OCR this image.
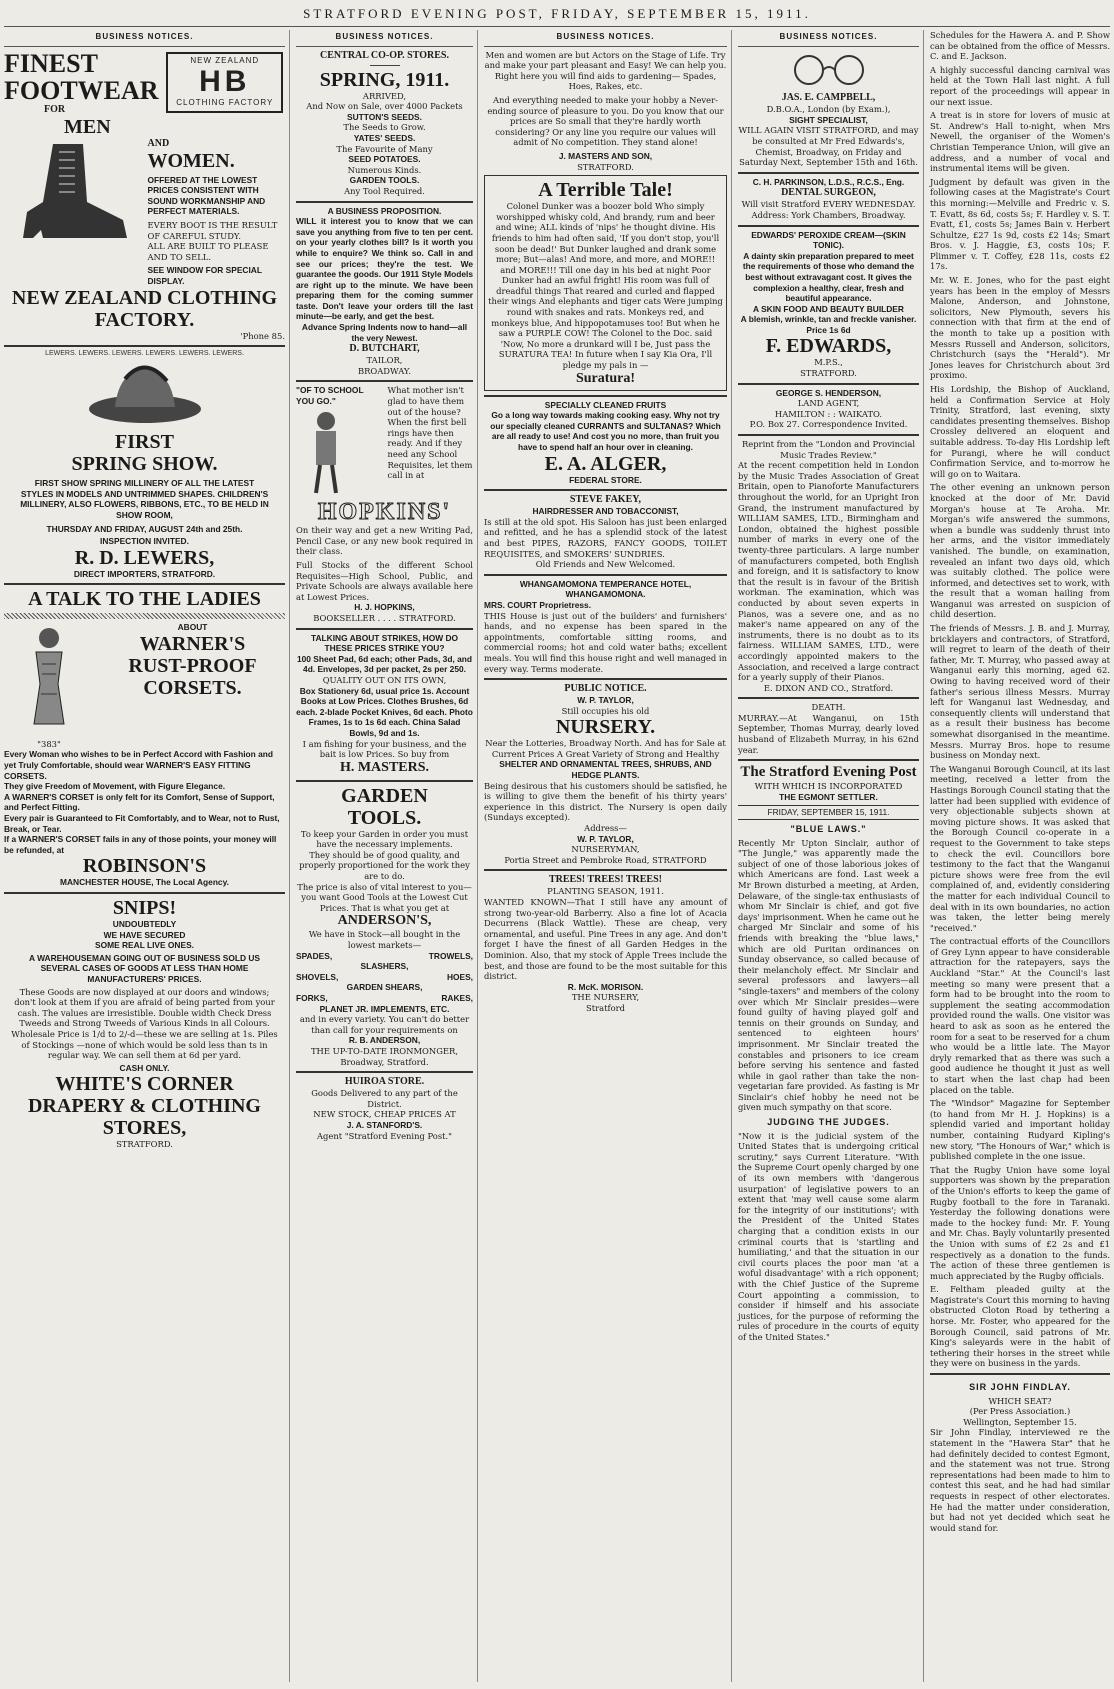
STRATFORD EVENING POST, FRIDAY, SEPTEMBER 15, 1911.
BUSINESS NOTICES.
FINEST
FOOTWEAR
FOR
MEN
NEW ZEALAND
HB
CLOTHING FACTORY
AND
WOMEN.
OFFERED AT THE LOWEST PRICES CONSISTENT WITH SOUND WORKMANSHIP AND PERFECT MATERIALS.
EVERY BOOT IS THE RESULT OF CAREFUL STUDY.
ALL ARE BUILT TO PLEASE AND TO SELL.
SEE WINDOW FOR SPECIAL DISPLAY.
NEW ZEALAND CLOTHING
FACTORY.
'Phone 85.
LEWERS. LEWERS. LEWERS. LEWERS. LEWERS. LEWERS.
FIRST
SPRING SHOW.
FIRST SHOW SPRING MILLINERY OF ALL THE LATEST STYLES IN MODELS AND UNTRIMMED SHAPES. CHILDREN'S MILLINERY, ALSO FLOWERS, RIBBONS, ETC., TO BE HELD IN SHOW ROOM,
THURSDAY AND FRIDAY, AUGUST 24th and 25th.
INSPECTION INVITED.
R. D. LEWERS,
DIRECT IMPORTERS, STRATFORD.
A TALK TO THE LADIES
"383"
ABOUT
WARNER'S
RUST-PROOF
CORSETS.
Every Woman who wishes to be in Perfect Accord with Fashion and yet Truly Comfortable, should wear WARNER'S EASY FITTING CORSETS.
They give Freedom of Movement, with Figure Elegance.
A WARNER'S CORSET is only felt for its Comfort, Sense of Support, and Perfect Fitting.
Every pair is Guaranteed to Fit Comfortably, and to Wear, not to Rust, Break, or Tear.
If a WARNER'S CORSET fails in any of those points, your money will be refunded, at
ROBINSON'S
MANCHESTER HOUSE, The Local Agency.
SNIPS!
UNDOUBTEDLY
WE HAVE SECURED
SOME REAL LIVE ONES.
A WAREHOUSEMAN GOING OUT OF BUSINESS SOLD US SEVERAL CASES OF GOODS AT LESS THAN HOME MANUFACTURERS' PRICES.
These Goods are now displayed at our doors and windows; don't look at them if you are afraid of being parted from your cash. The values are irresistible. Double width Check Dress Tweeds and Strong Tweeds of Various Kinds in all Colours. Wholesale Price is 1/d to 2/-d—these we are selling at 1s. Piles of Stockings —none of which would be sold less than ts in regular way. We can sell them at 6d per yard.
CASH ONLY.
WHITE'S CORNER
DRAPERY & CLOTHING
STORES,
STRATFORD.
BUSINESS NOTICES.
CENTRAL CO-OP. STORES.
SPRING, 1911.
ARRIVED,
And Now on Sale, over 4000 Packets
SUTTON'S SEEDS.
The Seeds to Grow.
YATES' SEEDS.
The Favourite of Many
SEED POTATOES.
Numerous Kinds.
GARDEN TOOLS.
Any Tool Required.
A BUSINESS PROPOSITION.
WILL it interest you to know that we can save you anything from five to ten per cent. on your yearly clothes bill? Is it worth you while to enquire? We think so. Call in and see our prices; they're the test. We guarantee the goods. Our 1911 Style Models are right up to the minute. We have been preparing them for the coming summer taste. Don't leave your orders till the last minute—be early, and get the best.
Advance Spring Indents now to hand—all the very Newest.
D. BUTCHART,
TAILOR,
BROADWAY.
"OF TO SCHOOL YOU GO."
What mother isn't glad to have them out of the house? When the first bell rings have then ready. And if they need any School Requisites, let them call in at
HOPKINS'
On their way and get a new Writing Pad, Pencil Case, or any new book required in their class.
Full Stocks of the different School Requisites—High School, Public, and Private Schools are always available here at Lowest Prices.
H. J. HOPKINS,
BOOKSELLER . . . . STRATFORD.
TALKING ABOUT STRIKES, HOW DO THESE PRICES STRIKE YOU?
100 Sheet Pad, 6d each; other Pads, 3d, and 4d. Envelopes, 3d per packet, 2s per 250.
QUALITY OUT ON ITS OWN,
Box Stationery 6d, usual price 1s. Account Books at Low Prices. Clothes Brushes, 6d each. 2-blade Pocket Knives, 6d each. Photo Frames, 1s to 1s 6d each. China Salad Bowls, 9d and 1s.
I am fishing for your business, and the bait is low Prices. So buy from
H. MASTERS.
GARDEN
TOOLS.
To keep your Garden in order you must have the necessary implements.
They should be of good quality, and properly proportioned for the work they are to do.
The price is also of vital interest to you—you want Good Tools at the Lowest Cut Prices. That is what you get at
ANDERSON'S,
We have in Stock—all bought in the lowest markets—
SPADES,	TROWELS,
SLASHERS,
SHOVELS,	HOES,
GARDEN SHEARS,
FORKS,	RAKES,
PLANET JR. IMPLEMENTS, ETC.
and in every variety. You can't do better than call for your requirements on
R. B. ANDERSON,
THE UP-TO-DATE IRONMONGER,
Broadway, Stratford.
HUIROA STORE.
Goods Delivered to any part of the District.
NEW STOCK, CHEAP PRICES AT
J. A. STANFORD'S.
Agent "Stratford Evening Post."
BUSINESS NOTICES.
Men and women are but Actors on the Stage of Life. Try and make your part pleasant and Easy! We can help you. Right here you will find aids to gardening— Spades, Hoes, Rakes, etc.
And everything needed to make your hobby a Never-ending source of pleasure to you. Do you know that our prices are So small that they're hardly worth considering? Or any line you require our values will admit of No competition. They stand alone!
J. MASTERS AND SON,
STRATFORD.
A Terrible Tale!
Colonel Dunker was a boozer bold Who simply worshipped whisky cold, And brandy, rum and beer and wine; ALL kinds of 'nips' he thought divine. His friends to him had often said, 'If you don't stop, you'll soon be dead!' But Dunker laughed and drank some more; But—alas! And more, and more, and MORE!! and MORE!!! Till one day in his bed at night Poor Dunker had an awful fright! His room was full of dreadful things That reared and curled and flapped their wings And elephants and tiger cats Were jumping round with snakes and rats. Monkeys red, and monkeys blue, And hippopotamuses too! But when he saw a PURPLE COW! The Colonel to the Doc. said 'Now, No more a drunkard will I be, Just pass the SURATURA TEA! In future when I say Kia Ora, I'll pledge my pals in —
Suratura!
SPECIALLY CLEANED FRUITS
Go a long way towards making cooking easy. Why not try our specially cleaned CURRANTS and SULTANAS? Which are all ready to use! And cost you no more, than fruit you have to spend half an hour over in cleaning.
E. A. ALGER,
FEDERAL STORE.
STEVE FAKEY,
HAIRDRESSER AND TOBACCONIST,
Is still at the old spot. His Saloon has just been enlarged and refitted, and he has a splendid stock of the latest and best PIPES, RAZORS, FANCY GOODS, TOILET REQUISITES, and SMOKERS' SUNDRIES.
Old Friends and New Welcomed.
WHANGAMOMONA TEMPERANCE HOTEL,
WHANGAMOMONA.
MRS. COURT Proprietress.
THIS House is just out of the builders' and furnishers' hands, and no expense has been spared in the appointments, comfortable sitting rooms, and commercial rooms; hot and cold water baths; excellent meals. You will find this house right and well managed in every way. Terms moderate.
PUBLIC NOTICE.
W. P. TAYLOR,
Still occupies his old
NURSERY.
Near the Lotteries, Broadway North. And has for Sale at Current Prices A Great Variety of Strong and Healthy
SHELTER AND ORNAMENTAL TREES, SHRUBS, AND HEDGE PLANTS.
Being desirous that his customers should be satisfied, he is willing to give them the benefit of his thirty years' experience in this district. The Nursery is open daily (Sundays excepted).
Address—
W. P. TAYLOR,
NURSERYMAN,
Portia Street and Pembroke Road, STRATFORD
TREES! TREES! TREES!
PLANTING SEASON, 1911.
WANTED KNOWN—That I still have any amount of strong two-year-old Barberry. Also a fine lot of Acacia Decurrens (Black Wattle). These are cheap, very ornamental, and useful. Pine Trees in any age. And don't forget I have the finest of all Garden Hedges in the Dominion. Also, that my stock of Apple Trees include the best, and those are found to be the most suitable for this district.
R. McK. MORISON.
THE NURSERY,
Stratford
BUSINESS NOTICES.
JAS. E. CAMPBELL,
D.B.O.A., London (by Exam.),
SIGHT SPECIALIST,
WILL AGAIN VISIT STRATFORD, and may be consulted at Mr Fred Edwards's, Chemist, Broadway, on Friday and Saturday Next, September 15th and 16th.
C. H. PARKINSON, L.D.S., R.C.S., Eng.
DENTAL SURGEON,
Will visit Stratford EVERY WEDNESDAY.
Address: York Chambers, Broadway.
EDWARDS' PEROXIDE CREAM—(SKIN TONIC).
A dainty skin preparation prepared to meet the requirements of those who demand the best without extravagant cost. It gives the complexion a healthy, clear, fresh and beautiful appearance.
A SKIN FOOD AND BEAUTY BUILDER
A blemish, wrinkle, tan and freckle vanisher. Price 1s 6d
F. EDWARDS,
M.P.S.,
STRATFORD.
GEORGE S. HENDERSON,
LAND AGENT,
HAMILTON : : WAIKATO.
P.O. Box 27. Correspondence Invited.
Reprint from the "London and Provincial Music Trades Review."
At the recent competition held in London by the Music Trades Association of Great Britain, open to Pianoforte Manufacturers throughout the world, for an Upright Iron Grand, the instrument manufactured by WILLIAM SAMES, LTD., Birmingham and London, obtained the highest possible number of marks in every one of the twenty-three particulars. A large number of manufacturers competed, both English and foreign, and it is satisfactory to know that the result is in favour of the British workman. The examination, which was conducted by about seven experts in Pianos, was a severe one, and as no maker's name appeared on any of the instruments, there is no doubt as to its fairness. WILLIAM SAMES, LTD., were accordingly appointed makers to the Association, and received a large contract for a yearly supply of their Pianos.
E. DIXON AND CO., Stratford.
DEATH.
MURRAY.—At Wanganui, on 15th September, Thomas Murray, dearly loved husband of Elizabeth Murray, in his 62nd year.
The Stratford Evening Post
WITH WHICH IS INCORPORATED
THE EGMONT SETTLER.
FRIDAY, SEPTEMBER 15, 1911.
"BLUE LAWS."
Recently Mr Upton Sinclair, author of "The Jungle," was apparently made the subject of one of those laborious jokes of which Americans are fond. Last week a Mr Brown disturbed a meeting, at Arden, Delaware, of the single-tax enthusiasts of whom Mr Sinclair is chief, and got five days' imprisonment. When he came out he charged Mr Sinclair and some of his friends with breaking the "blue laws," which are old Puritan ordinances on Sunday observance, so called because of their melancholy effect. Mr Sinclair and several professors and lawyers—all "single-taxers" and members of the colony over which Mr Sinclair presides—were found guilty of having played golf and tennis on their grounds on Sunday, and sentenced to eighteen hours' imprisonment. Mr Sinclair treated the constables and prisoners to ice cream before serving his sentence and fasted while in gaol rather than take the non-vegetarian fare provided. As fasting is Mr Sinclair's chief hobby he need not be given much sympathy on that score.
JUDGING THE JUDGES.
"Now it is the judicial system of the United States that is undergoing critical scrutiny," says Current Literature. "With the Supreme Court openly charged by one of its own members with 'dangerous usurpation' of legislative powers to an extent that 'may well cause some alarm for the integrity of our institutions'; with the President of the United States charging that a condition exists in our criminal courts that is 'startling and humiliating,' and that the situation in our civil courts places the poor man 'at a woful disadvantage' with a rich opponent; with the Chief Justice of the Supreme Court appointing a commission, to consider if himself and his associate justices, for the purpose of reforming the rules of procedure in the courts of equity of the United States."

Schedules for the Hawera A. and P. Show can be obtained from the office of Messrs. C. and E. Jackson.

A highly successful dancing carnival was held at the Town Hall last night. A full report of the proceedings will appear in our next issue.

A treat is in store for lovers of music at St. Andrew's Hall to-night, when Mrs Newell, the organiser of the Women's Christian Temperance Union, will give an address, and a number of vocal and instrumental items will be given.

Judgment by default was given in the following cases at the Magistrate's Court this morning:—Melville and Fredric v. S. T. Evatt, 8s 6d, costs 5s; F. Hardley v. S. T. Evatt, £1, costs 5s; James Bain v. Herbert Schultze, £27 1s 9d, costs £2 14s; Smart Bros. v. J. Haggie, £3, costs 10s; F. Plimmer v. T. Coffey, £28 11s, costs £2 17s.

Mr. W. E. Jones, who for the past eight years has been in the employ of Messrs Malone, Anderson, and Johnstone, solicitors, New Plymouth, severs his connection with that firm at the end of the month to take up a position with Messrs Russell and Anderson, solicitors, Christchurch (says the "Herald"). Mr Jones leaves for Christchurch about 3rd proximo.

His Lordship, the Bishop of Auckland, held a Confirmation Service at Holy Trinity, Stratford, last evening, sixty candidates presenting themselves. Bishop Crossley delivered an eloquent and suitable address. To-day His Lordship left for Purangi, where he will conduct Confirmation Service, and to-morrow he will go on to Waitara.

The other evening an unknown person knocked at the door of Mr. David Morgan's house at Te Aroha. Mr. Morgan's wife answered the summons, when a bundle was suddenly thrust into her arms, and the visitor immediately vanished. The bundle, on examination, revealed an infant two days old, which was suitably clothed. The police were informed, and detectives set to work, with the result that a woman hailing from Wanganui was arrested on suspicion of child desertion.

The friends of Messrs. J. B. and J. Murray, bricklayers and contractors, of Stratford, will regret to learn of the death of their father, Mr. T. Murray, who passed away at Wanganui early this morning, aged 62. Owing to having received word of their father's serious illness Messrs. Murray left for Wanganui last Wednesday, and consequently clients will understand that as a result their business has become somewhat disorganised in the meantime. Messrs. Murray Bros. hope to resume business on Monday next.

The Wanganui Borough Council, at its last meeting, received a letter from the Hastings Borough Council stating that the latter had been supplied with evidence of very objectionable subjects shown at moving picture shows. It was asked that the Borough Council co-operate in a request to the Government to take steps to check the evil. Councillors bore testimony to the fact that the Wanganui picture shows were free from the evil complained of, and, evidently considering the matter for each individual Council to deal with in its own boundaries, no action was taken, the letter being merely "received."

The contractual efforts of the Councillors of Grey Lynn appear to have considerable attraction for the ratepayers, says the Auckland "Star." At the Council's last meeting so many were present that a form had to be brought into the room to supplement the seating accommodation provided round the walls. One visitor was heard to ask as soon as he entered the room for a seat to be reserved for a chum who would be a little late. The Mayor dryly remarked that as there was such a good audience he thought it just as well to start when the last chap had been placed on the table.

The "Windsor" Magazine for September (to hand from Mr H. J. Hopkins) is a splendid varied and important holiday number, containing Rudyard Kipling's new story, "The Honours of War," which is published complete in the one issue.

That the Rugby Union have some loyal supporters was shown by the preparation of the Union's efforts to keep the game of Rugby football to the fore in Taranaki. Yesterday the following donations were made to the hockey fund: Mr. F. Young and Mr. Chas. Bayly voluntarily presented the Union with sums of £2 2s and £1 respectively as a donation to the funds. The action of these three gentlemen is much appreciated by the Rugby officials.

E. Feltham pleaded guilty at the Magistrate's Court this morning to having obstructed Cloton Road by tethering a horse. Mr. Foster, who appeared for the Borough Council, said patrons of Mr. King's saleyards were in the habit of tethering their horses in the street while they were on business in the yards.

SIR JOHN FINDLAY.
WHICH SEAT?
(Per Press Association.)
Wellington, September 15.
Sir John Findlay, interviewed re the statement in the "Hawera Star" that he had definitely decided to contest Egmont, and the statement was not true. Strong representations had been made to him to contest this seat, and he had had similar requests in respect of other electorates. He had the matter under consideration, but had not yet decided which seat he would stand for.
